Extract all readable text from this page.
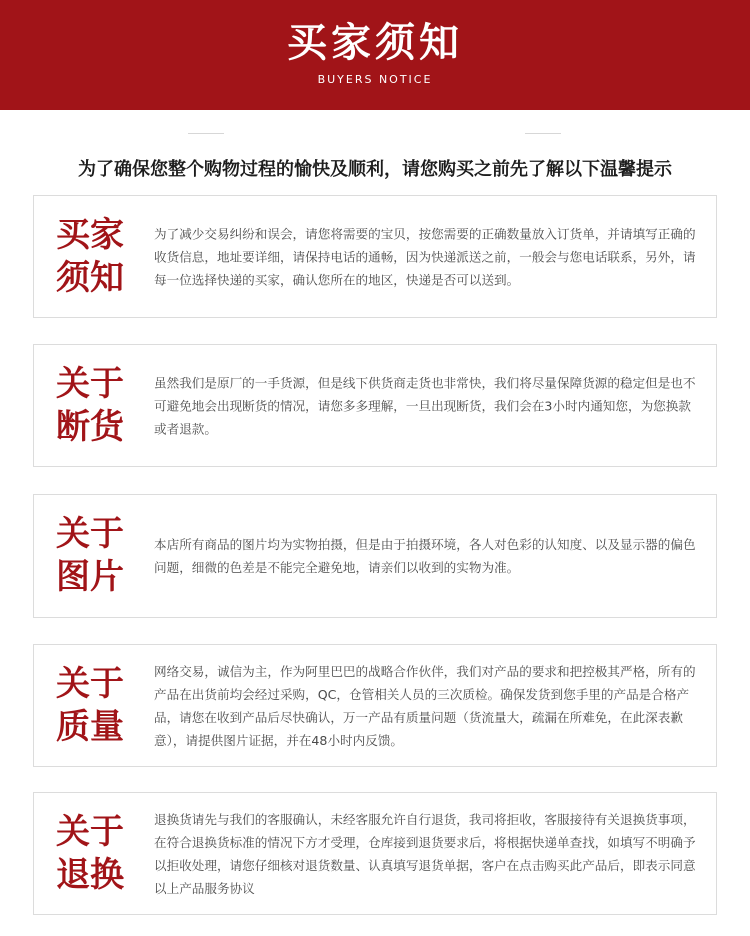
买家须知
BUYERS NOTICE
为了确保您整个购物过程的愉快及顺利，请您购买之前先了解以下温馨提示
买家须知
为了减少交易纠纷和误会，请您将需要的宝贝，按您需要的正确数量放入订货单，并请填写正确的收货信息，地址要详细，请保持电话的通畅，因为快递派送之前，一般会与您电话联系，另外，请每一位选择快递的买家，确认您所在的地区，快递是否可以送到。
关于断货
虽然我们是原厂的一手货源，但是线下供货商走货也非常快，我们将尽量保障货源的稳定但是也不可避免地会出现断货的情况，请您多多理解，一旦出现断货，我们会在3小时内通知您，为您换款或者退款。
关于图片
本店所有商品的图片均为实物拍摄，但是由于拍摄环境，各人对色彩的认知度、以及显示器的偏色问题，细微的色差是不能完全避免地，请亲们以收到的实物为准。
关于质量
网络交易，诚信为主，作为阿里巴巴的战略合作伙伴，我们对产品的要求和把控极其严格，所有的产品在出货前均会经过采购，QC，仓管相关人员的三次质检。确保发货到您手里的产品是合格产品，请您在收到产品后尽快确认，万一产品有质量问题（货流量大，疏漏在所难免，在此深表歉意），请提供图片证据，并在48小时内反馈。
关于退换
退换货请先与我们的客服确认，未经客服允许自行退货，我司将拒收，客服接待有关退换货事项，在符合退换货标准的情况下方才受理，仓库接到退货要求后，将根据快递单查找，如填写不明确予以拒收处理，请您仔细核对退货数量、认真填写退货单据，客户在点击购买此产品后，即表示同意以上产品服务协议
